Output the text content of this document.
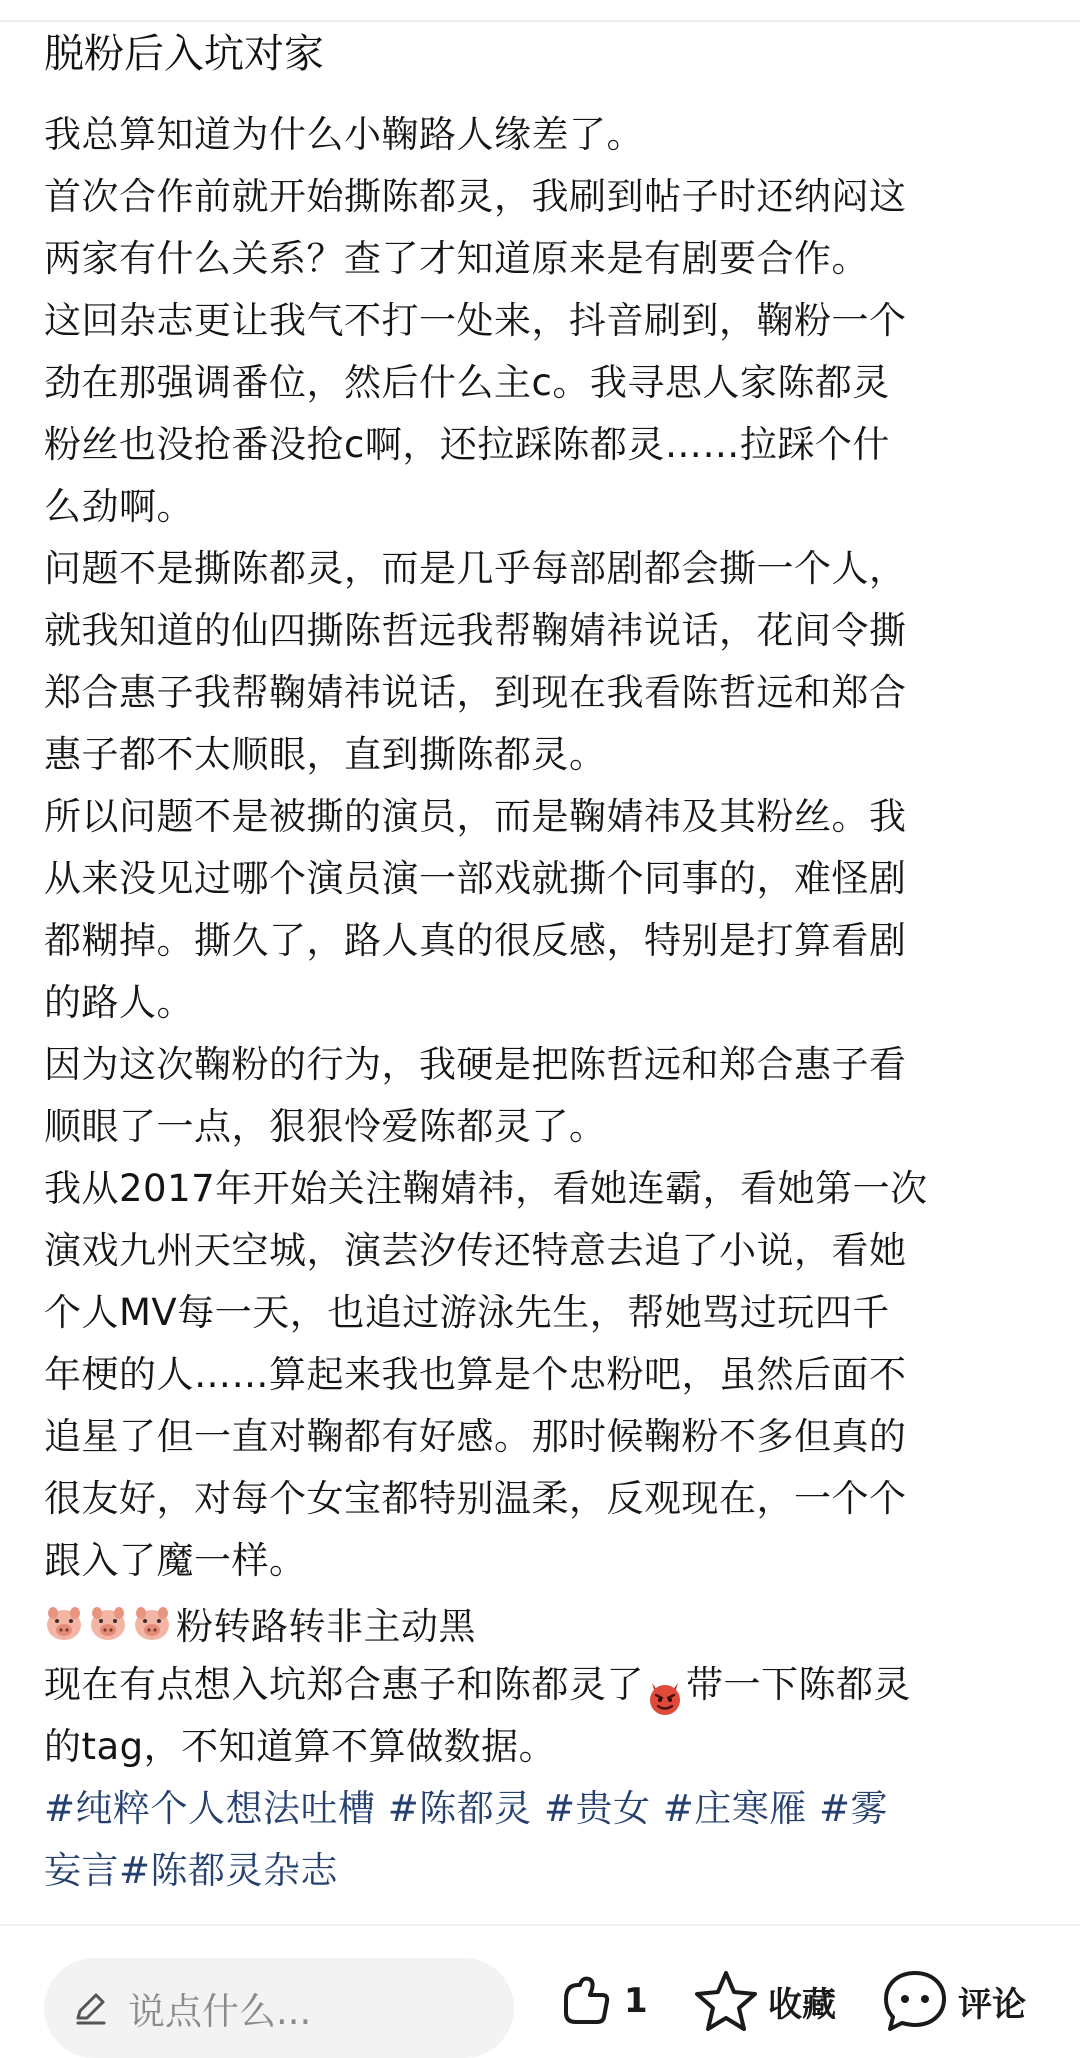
脱粉后入坑对家
我总算知道为什么小鞠路人缘差了。
首次合作前就开始撕陈都灵，我刷到帖子时还纳闷这
两家有什么关系？查了才知道原来是有剧要合作。
这回杂志更让我气不打一处来，抖音刷到，鞠粉一个
劲在那强调番位，然后什么主c。我寻思人家陈都灵
粉丝也没抢番没抢c啊，还拉踩陈都灵……拉踩个什
么劲啊。
问题不是撕陈都灵，而是几乎每部剧都会撕一个人，
就我知道的仙四撕陈哲远我帮鞠婧祎说话，花间令撕
郑合惠子我帮鞠婧祎说话，到现在我看陈哲远和郑合
惠子都不太顺眼，直到撕陈都灵。
所以问题不是被撕的演员，而是鞠婧祎及其粉丝。我
从来没见过哪个演员演一部戏就撕个同事的，难怪剧
都糊掉。撕久了，路人真的很反感，特别是打算看剧
的路人。
因为这次鞠粉的行为，我硬是把陈哲远和郑合惠子看
顺眼了一点，狠狠怜爱陈都灵了。
我从2017年开始关注鞠婧祎，看她连霸，看她第一次
演戏九州天空城，演芸汐传还特意去追了小说，看她
个人MV每一天，也追过游泳先生，帮她骂过玩四千
年梗的人……算起来我也算是个忠粉吧，虽然后面不
追星了但一直对鞠都有好感。那时候鞠粉不多但真的
很友好，对每个女宝都特别温柔，反观现在，一个个
跟入了魔一样。
粉转路转非主动黑
现在有点想入坑郑合惠子和陈都灵了 带一下陈都灵
的tag，不知道算不算做数据。
#纯粹个人想法吐槽 #陈都灵 #贵女 #庄寒雁 #雾
妄言#陈都灵杂志
说点什么...	1	收藏	评论
